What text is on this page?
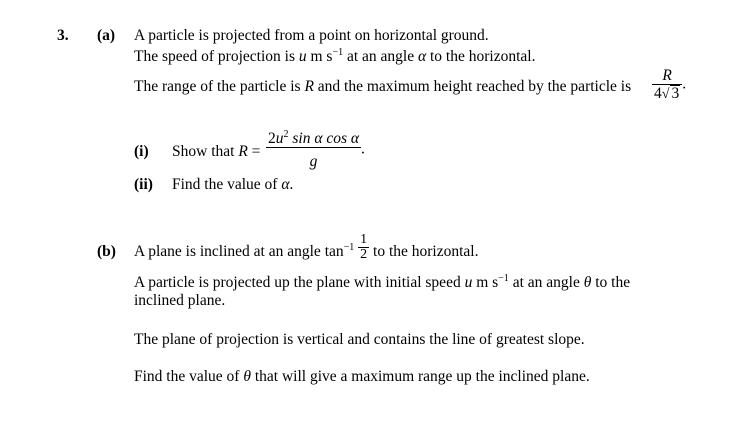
3. (a) A particle is projected from a point on horizontal ground.
The speed of projection is u m $s^{-1}$ at an angle α to the horizontal.
The range of the particle is R and the maximum height reached by the particle is $\frac{R}{4√ 3}$ .
(i) Show that $R = \frac{2u^2 \sin \alpha \cos \alpha}{g}$ .
(ii) Find the value of α.
(b) A plane is inclined at an angle $\tan^{-1} \frac{1}{2}$ to the horizontal.
A particle is projected up the plane with initial speed u m $s^{-1}$ at an angle θ to the
inclined plane.
The plane of projection is vertical and contains the line of greatest slope.
Find the value of θ that will give a maximum range up the inclined plane.
